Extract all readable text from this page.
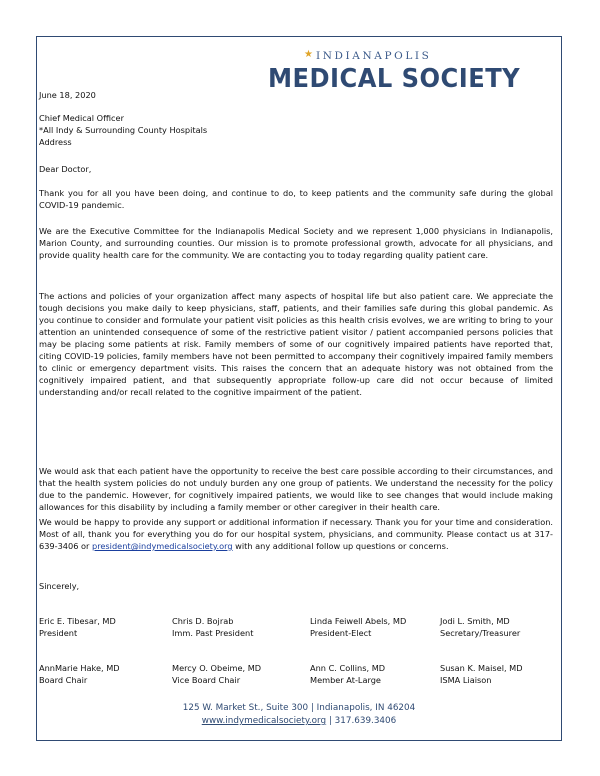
★ INDIANAPOLIS
MEDICAL SOCIETY
June 18, 2020
Chief Medical Officer
*All Indy & Surrounding County Hospitals
Address
Dear Doctor,
Thank you for all you have been doing, and continue to do, to keep patients and the community safe during the global COVID-19 pandemic.
We are the Executive Committee for the Indianapolis Medical Society and we represent 1,000 physicians in Indianapolis, Marion County, and surrounding counties. Our mission is to promote professional growth, advocate for all physicians, and provide quality health care for the community. We are contacting you to today regarding quality patient care.
The actions and policies of your organization affect many aspects of hospital life but also patient care. We appreciate the tough decisions you make daily to keep physicians, staff, patients, and their families safe during this global pandemic. As you continue to consider and formulate your patient visit policies as this health crisis evolves, we are writing to bring to your attention an unintended consequence of some of the restrictive patient visitor / patient accompanied persons policies that may be placing some patients at risk. Family members of some of our cognitively impaired patients have reported that, citing COVID-19 policies, family members have not been permitted to accompany their cognitively impaired family members to clinic or emergency department visits. This raises the concern that an adequate history was not obtained from the cognitively impaired patient, and that subsequently appropriate follow-up care did not occur because of limited understanding and/or recall related to the cognitive impairment of the patient.
We would ask that each patient have the opportunity to receive the best care possible according to their circumstances, and that the health system policies do not unduly burden any one group of patients. We understand the necessity for the policy due to the pandemic. However, for cognitively impaired patients, we would like to see changes that would include making allowances for this disability by including a family member or other caregiver in their health care.
We would be happy to provide any support or additional information if necessary. Thank you for your time and consideration. Most of all, thank you for everything you do for our hospital system, physicians, and community. Please contact us at 317-639-3406 or president@indymedicalsociety.org with any additional follow up questions or concerns.
Sincerely,
Eric E. Tibesar, MD
President
Chris D. Bojrab
Imm. Past President
Linda Feiwell Abels, MD
President-Elect
Jodi L. Smith, MD
Secretary/Treasurer
AnnMarie Hake, MD
Board Chair
Mercy O. Obeime, MD
Vice Board Chair
Ann C. Collins, MD
Member At-Large
Susan K. Maisel, MD
ISMA Liaison
125 W. Market St., Suite 300 | Indianapolis, IN 46204
www.indymedicalsociety.org | 317.639.3406
